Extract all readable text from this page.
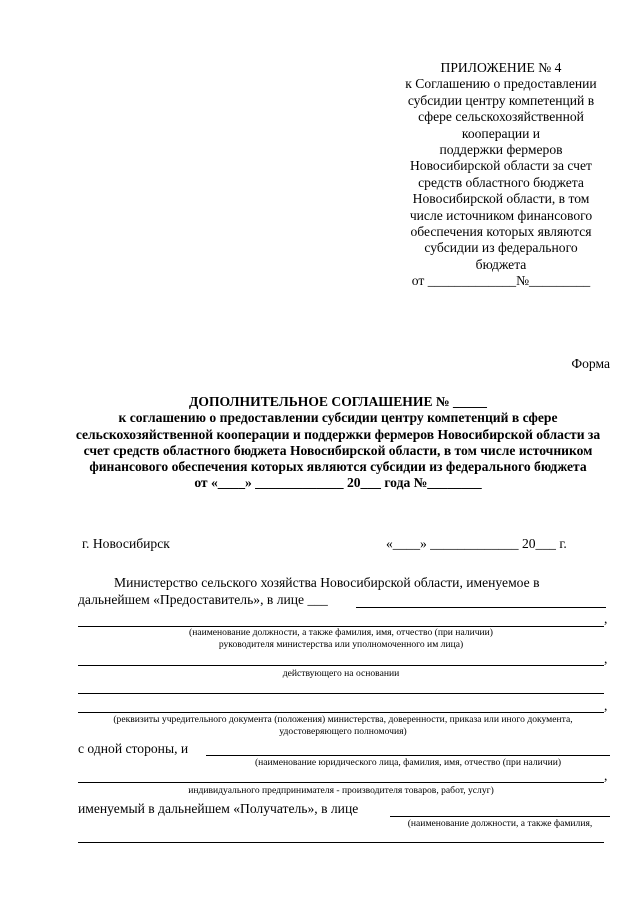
ПРИЛОЖЕНИЕ № 4
к Соглашению о предоставлении
субсидии центру компетенций в
сфере сельскохозяйственной
кооперации и
поддержки фермеров
Новосибирской области за счет
средств областного бюджета
Новосибирской области, в том
числе источником финансового
обеспечения которых являются
субсидии из федерального
бюджета
от _____________№_________
Форма
ДОПОЛНИТЕЛЬНОЕ СОГЛАШЕНИЕ № _____
к соглашению о предоставлении субсидии центру компетенций в сфере сельскохозяйственной кооперации и поддержки фермеров Новосибирской области за счет средств областного бюджета Новосибирской области, в том числе источником финансового обеспечения которых являются субсидии из федерального бюджета
от «____» _____________ 20___ года №________
г. Новосибирск	«____» _____________ 20___ г.
Министерство сельского хозяйства Новосибирской области, именуемое в
дальнейшем «Предоставитель», в лице ___
,
(наименование должности, а также фамилия, имя, отчество (при наличии)
руководителя министерства или уполномоченного им лица)
,
действующего на основании
,
(реквизиты учредительного документа (положения) министерства, доверенности, приказа или иного документа,
удостоверяющего полномочия)
с одной стороны, и
(наименование юридического лица, фамилия, имя, отчество (при наличии)
,
индивидуального предпринимателя - производителя товаров, работ, услуг)
именуемый в дальнейшем «Получатель», в лице
(наименование должности, а также фамилия,
